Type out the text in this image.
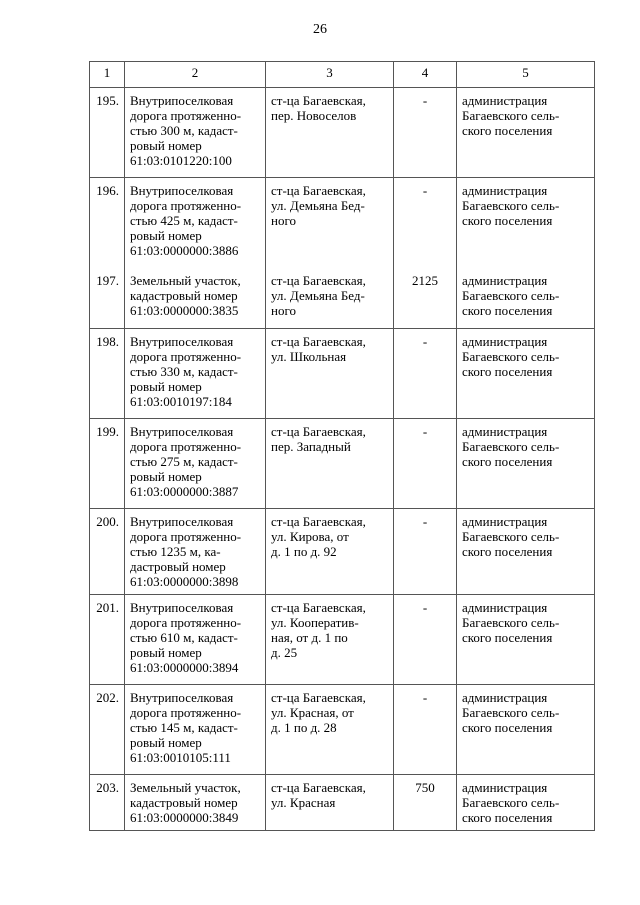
26
1	2	3	4	5
195.	Внутрипоселковая
дорога протяженно-
стью 300 м, кадаст-
ровый номер
61:03:0101220:100	ст-ца Багаевская,
пер. Новоселов	-	администрация
Багаевского сель-
ского поселения

196.	Внутрипоселковая
дорога протяженно-
стью 425 м, кадаст-
ровый номер
61:03:0000000:3886	ст-ца Багаевская,
ул. Демьяна Бед-
ного	-	администрация
Багаевского сель-
ского поселения

197.	Земельный участок,
кадастровый номер
61:03:0000000:3835	ст-ца Багаевская,
ул. Демьяна Бед-
ного	2125	администрация
Багаевского сель-
ского поселения

198.	Внутрипоселковая
дорога протяженно-
стью 330 м, кадаст-
ровый номер
61:03:0010197:184	ст-ца Багаевская,
ул. Школьная	-	администрация
Багаевского сель-
ского поселения

199.	Внутрипоселковая
дорога протяженно-
стью 275 м, кадаст-
ровый номер
61:03:0000000:3887	ст-ца Багаевская,
пер. Западный	-	администрация
Багаевского сель-
ского поселения

200.	Внутрипоселковая
дорога протяженно-
стью 1235 м, ка-
дастровый номер
61:03:0000000:3898	ст-ца Багаевская,
ул. Кирова, от
д. 1 по д. 92	-	администрация
Багаевского сель-
ского поселения

201.	Внутрипоселковая
дорога протяженно-
стью 610 м, кадаст-
ровый номер
61:03:0000000:3894	ст-ца Багаевская,
ул. Кооператив-
ная, от д. 1 по
д. 25	-	администрация
Багаевского сель-
ского поселения

202.	Внутрипоселковая
дорога протяженно-
стью 145 м, кадаст-
ровый номер
61:03:0010105:111	ст-ца Багаевская,
ул. Красная, от
д. 1 по д. 28	-	администрация
Багаевского сель-
ского поселения

203.	Земельный участок,
кадастровый номер
61:03:0000000:3849	ст-ца Багаевская,
ул. Красная	750	администрация
Багаевского сель-
ского поселения
